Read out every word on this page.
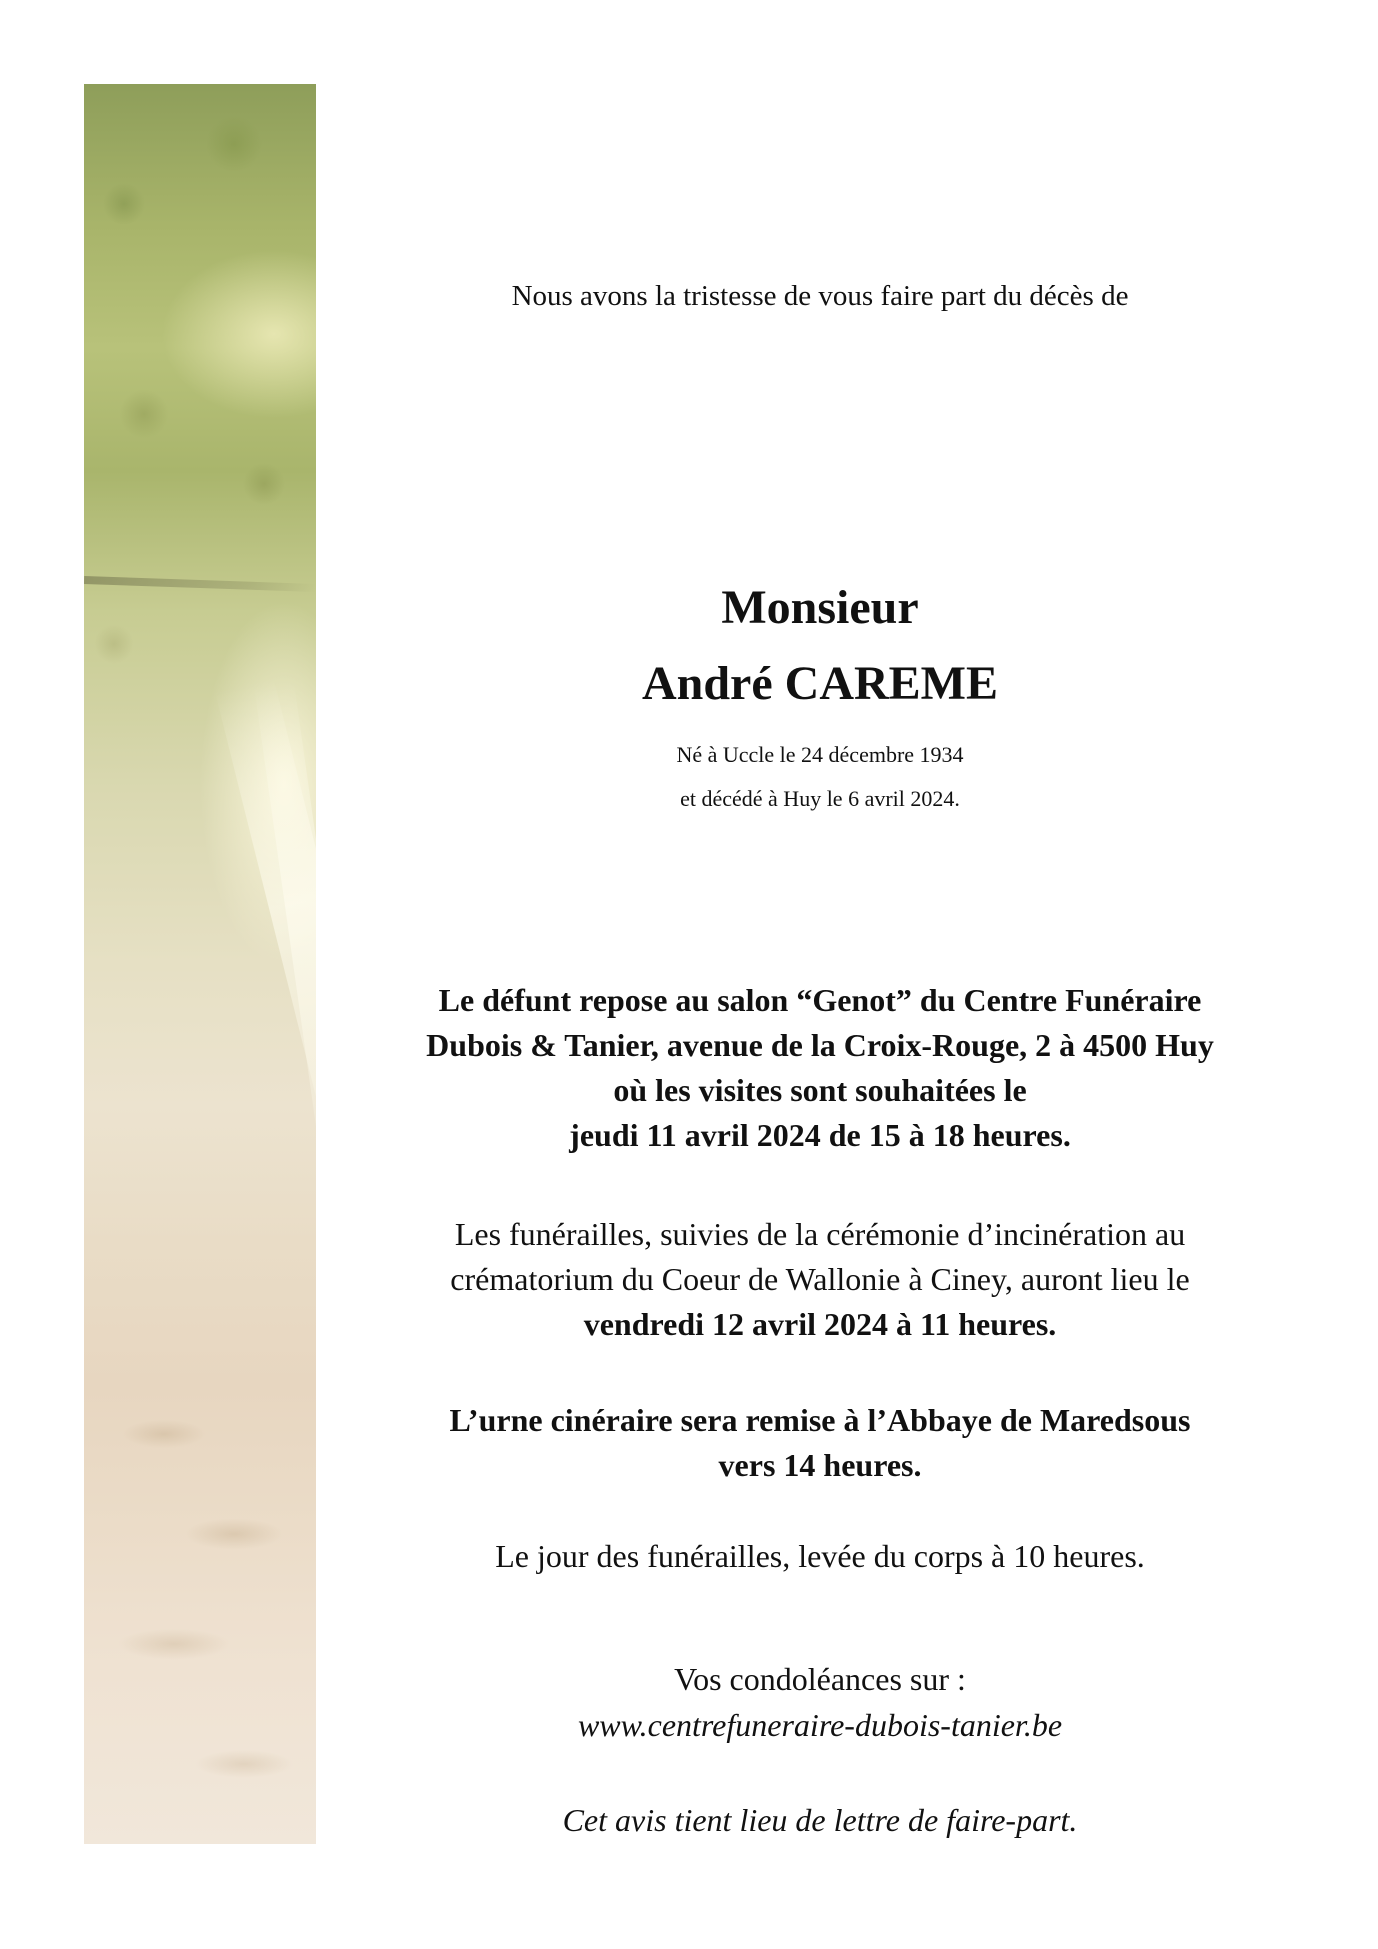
Nous avons la tristesse de vous faire part du décès de
Monsieur
André CAREME
Né à Uccle le 24 décembre 1934
et décédé à Huy le 6 avril 2024.
Le défunt repose au salon “Genot” du Centre Funéraire
Dubois & Tanier, avenue de la Croix-Rouge, 2 à 4500 Huy
où les visites sont souhaitées le
jeudi 11 avril 2024 de 15 à 18 heures.
Les funérailles, suivies de la cérémonie d’incinération au
crématorium du Coeur de Wallonie à Ciney, auront lieu le
vendredi 12 avril 2024 à 11 heures.
L’urne cinéraire sera remise à l’Abbaye de Maredsous
vers 14 heures.
Le jour des funérailles, levée du corps à 10 heures.
Vos condoléances sur :
www.centrefuneraire-dubois-tanier.be
Cet avis tient lieu de lettre de faire-part.
